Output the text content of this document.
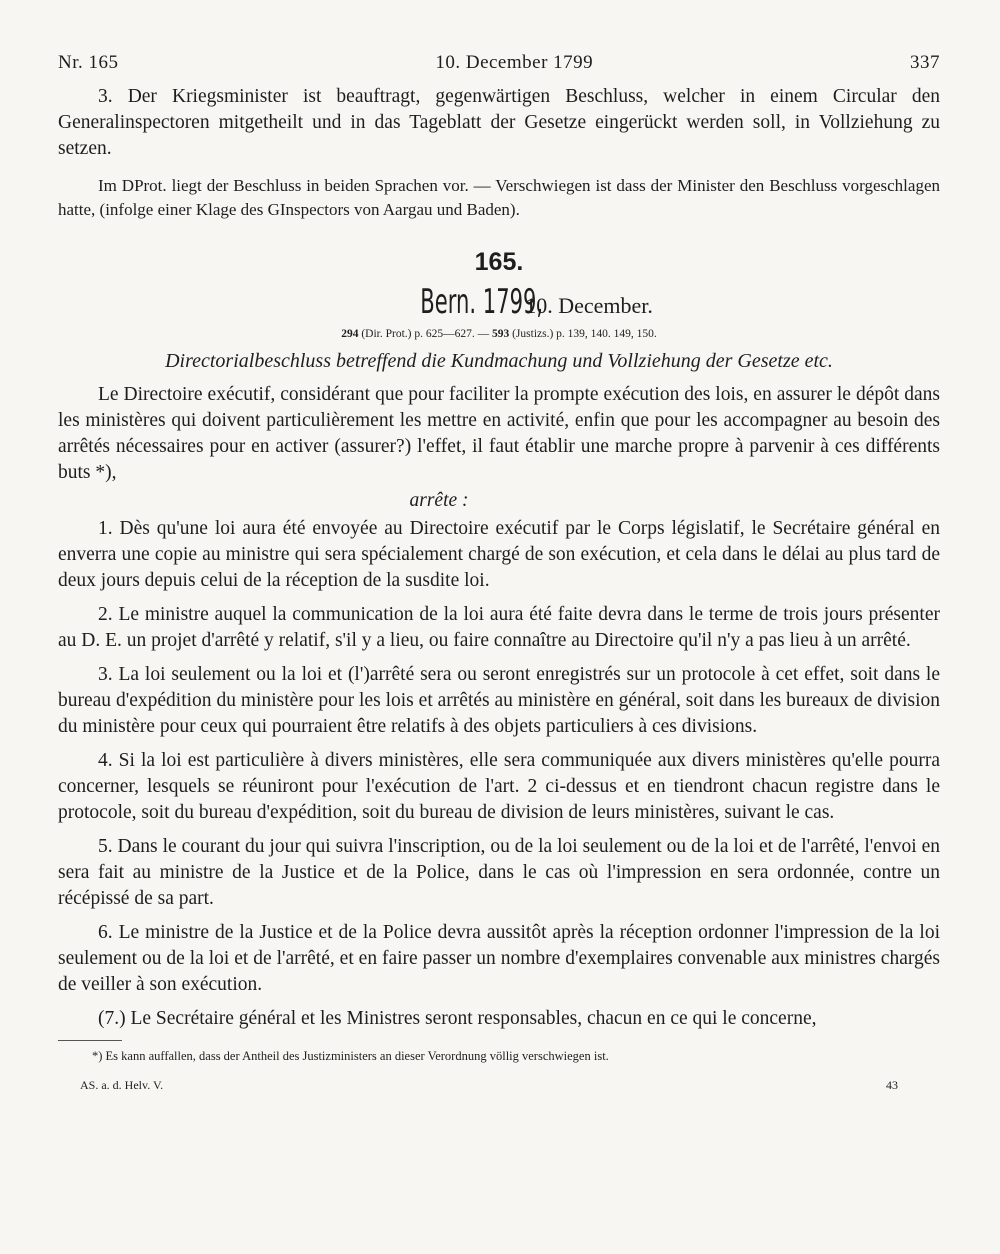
Nr. 165	10. December 1799	337

3. Der Kriegsminister ist beauftragt, gegenwärtigen Beschluss, welcher in einem Circular den Generalinspectoren mitgetheilt und in das Tageblatt der Gesetze eingerückt werden soll, in Vollziehung zu setzen.

Im DProt. liegt der Beschluss in beiden Sprachen vor. — Verschwiegen ist dass der Minister den Beschluss vorgeschlagen hatte, (infolge einer Klage des GInspectors von Aargau und Baden).

165.
Bern. 1799, 10. December.
294 (Dir. Prot.) p. 625—627. — 593 (Justizs.) p. 139, 140. 149, 150.
Directorialbeschluss betreffend die Kundmachung und Vollziehung der Gesetze etc.

Le Directoire exécutif, considérant que pour faciliter la prompte exécution des lois, en assurer le dépôt dans les ministères qui doivent particulièrement les mettre en activité, enfin que pour les accompagner au besoin des arrêtés nécessaires pour en activer (assurer?) l'effet, il faut établir une marche propre à parvenir à ces différents buts *),

arrête :

1. Dès qu'une loi aura été envoyée au Directoire exécutif par le Corps législatif, le Secrétaire général en enverra une copie au ministre qui sera spécialement chargé de son exécution, et cela dans le délai au plus tard de deux jours depuis celui de la réception de la susdite loi.

2. Le ministre auquel la communication de la loi aura été faite devra dans le terme de trois jours présenter au D. E. un projet d'arrêté y relatif, s'il y a lieu, ou faire connaître au Directoire qu'il n'y a pas lieu à un arrêté.

3. La loi seulement ou la loi et (l')arrêté sera ou seront enregistrés sur un protocole à cet effet, soit dans le bureau d'expédition du ministère pour les lois et arrêtés au ministère en général, soit dans les bureaux de division du ministère pour ceux qui pourraient être relatifs à des objets particuliers à ces divisions.

4. Si la loi est particulière à divers ministères, elle sera communiquée aux divers ministères qu'elle pourra concerner, lesquels se réuniront pour l'exécution de l'art. 2 ci-dessus et en tiendront chacun registre dans le protocole, soit du bureau d'expédition, soit du bureau de division de leurs ministères, suivant le cas.

5. Dans le courant du jour qui suivra l'inscription, ou de la loi seulement ou de la loi et de l'arrêté, l'envoi en sera fait au ministre de la Justice et de la Police, dans le cas où l'impression en sera ordonnée, contre un récépissé de sa part.

6. Le ministre de la Justice et de la Police devra aussitôt après la réception ordonner l'impression de la loi seulement ou de la loi et de l'arrêté, et en faire passer un nombre d'exemplaires convenable aux ministres chargés de veiller à son exécution.

(7.) Le Secrétaire général et les Ministres seront responsables, chacun en ce qui le concerne,

*) Es kann auffallen, dass der Antheil des Justizministers an dieser Verordnung völlig verschwiegen ist.
AS. a. d. Helv. V.	43
